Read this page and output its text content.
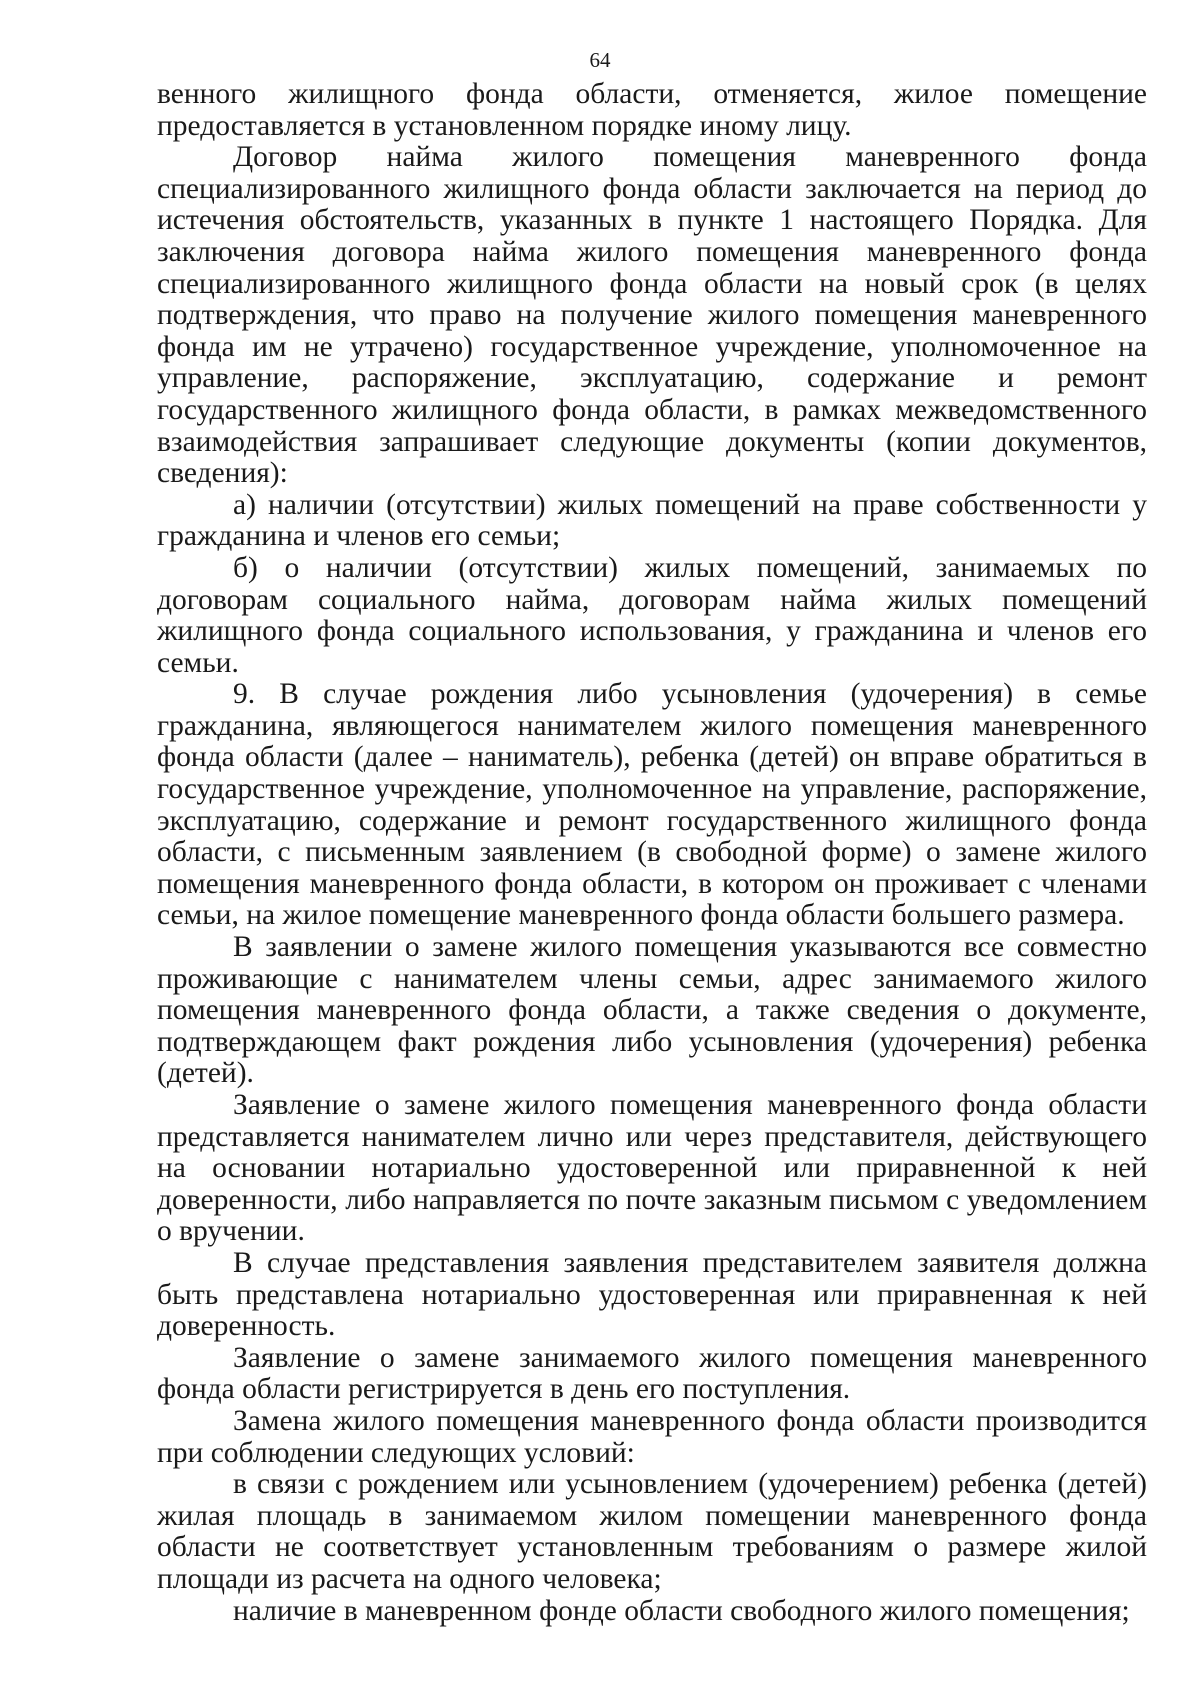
64

венного жилищного фонда области, отменяется, жилое помещение предоставляется в установленном порядке иному лицу.

Договор найма жилого помещения маневренного фонда специализированного жилищного фонда области заключается на период до истечения обстоятельств, указанных в пункте 1 настоящего Порядка. Для заключения договора найма жилого помещения маневренного фонда специализированного жилищного фонда области на новый срок (в целях подтверждения, что право на получение жилого помещения маневренного фонда им не утрачено) государственное учреждение, уполномоченное на управление, распоряжение, эксплуатацию, содержание и ремонт государственного жилищного фонда области, в рамках межведомственного взаимодействия запрашивает следующие документы (копии документов, сведения):

а) наличии (отсутствии) жилых помещений на праве собственности у гражданина и членов его семьи;

б) о наличии (отсутствии) жилых помещений, занимаемых по договорам социального найма, договорам найма жилых помещений жилищного фонда социального использования, у гражданина и членов его семьи.

9. В случае рождения либо усыновления (удочерения) в семье гражданина, являющегося нанимателем жилого помещения маневренного фонда области (далее – наниматель), ребенка (детей) он вправе обратиться в государственное учреждение, уполномоченное на управление, распоряжение, эксплуатацию, содержание и ремонт государственного жилищного фонда области, с письменным заявлением (в свободной форме) о замене жилого помещения маневренного фонда области, в котором он проживает с членами семьи, на жилое помещение маневренного фонда области большего размера.

В заявлении о замене жилого помещения указываются все совместно проживающие с нанимателем члены семьи, адрес занимаемого жилого помещения маневренного фонда области, а также сведения о документе, подтверждающем факт рождения либо усыновления (удочерения) ребенка (детей).

Заявление о замене жилого помещения маневренного фонда области представляется нанимателем лично или через представителя, действующего на основании нотариально удостоверенной или приравненной к ней доверенности, либо направляется по почте заказным письмом с уведомлением о вручении.

В случае представления заявления представителем заявителя должна быть представлена нотариально удостоверенная или приравненная к ней доверенность.

Заявление о замене занимаемого жилого помещения маневренного фонда области регистрируется в день его поступления.

Замена жилого помещения маневренного фонда области производится при соблюдении следующих условий:

в связи с рождением или усыновлением (удочерением) ребенка (детей) жилая площадь в занимаемом жилом помещении маневренного фонда области не соответствует установленным требованиям о размере жилой площади из расчета на одного человека;

наличие в маневренном фонде области свободного жилого помещения;
